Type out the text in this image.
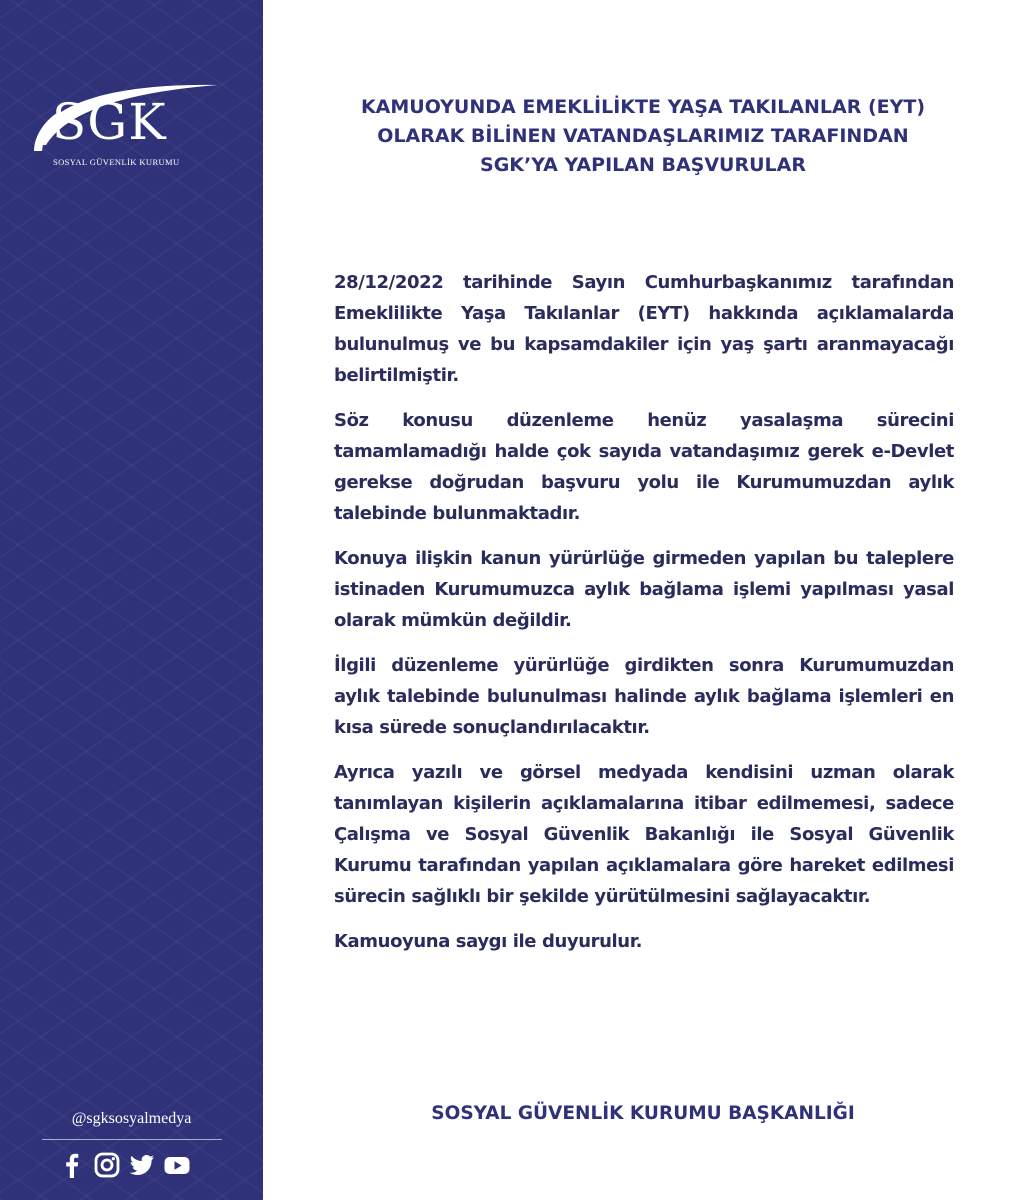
SGK
SOSYAL GÜVENLİK KURUMU
@sgksosyalmedya
KAMUOYUNDA EMEKLİLİKTE YAŞA TAKILANLAR (EYT)
OLARAK BİLİNEN VATANDAŞLARIMIZ TARAFINDAN
SGK’YA YAPILAN BAŞVURULAR

28/12/2022 tarihinde Sayın Cumhurbaşkanımız tarafından Emeklilikte Yaşa Takılanlar (EYT) hakkında açıklamalarda bulunulmuş ve bu kapsamdakiler için yaş şartı aranmayacağı belirtilmiştir.

Söz konusu düzenleme henüz yasalaşma sürecini tamamlamadığı halde çok sayıda vatandaşımız gerek e-Devlet gerekse doğrudan başvuru yolu ile Kurumumuzdan aylık talebinde bulunmaktadır.

Konuya ilişkin kanun yürürlüğe girmeden yapılan bu taleplere istinaden Kurumumuzca aylık bağlama işlemi yapılması yasal olarak mümkün değildir.

İlgili düzenleme yürürlüğe girdikten sonra Kurumumuzdan aylık talebinde bulunulması halinde aylık bağlama işlemleri en kısa sürede sonuçlandırılacaktır.

Ayrıca yazılı ve görsel medyada kendisini uzman olarak tanımlayan kişilerin açıklamalarına itibar edilmemesi, sadece Çalışma ve Sosyal Güvenlik Bakanlığı ile Sosyal Güvenlik Kurumu tarafından yapılan açıklamalara göre hareket edilmesi sürecin sağlıklı bir şekilde yürütülmesini sağlayacaktır.

Kamuoyuna saygı ile duyurulur.

SOSYAL GÜVENLİK KURUMU BAŞKANLIĞI
